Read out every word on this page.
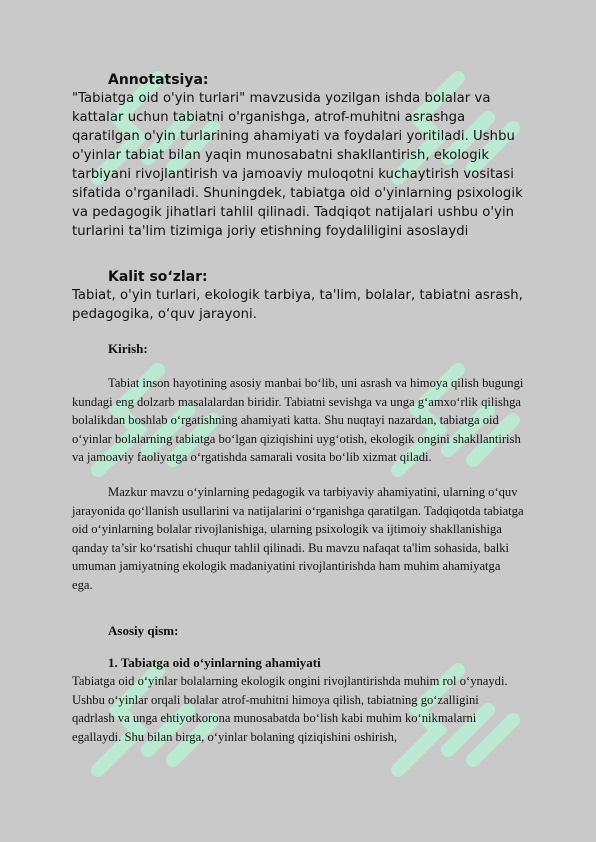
Annotatsiya:

"Tabiatga oid o'yin turlari" mavzusida yozilgan ishda bolalar va kattalar uchun tabiatni o'rganishga, atrof-muhitni asrashga qaratilgan o'yin turlarining ahamiyati va foydalari yoritiladi. Ushbu o'yinlar tabiat bilan yaqin munosabatni shakllantirish, ekologik tarbiyani rivojlantirish va jamoaviy muloqotni kuchaytirish vositasi sifatida o'rganiladi. Shuningdek, tabiatga oid o'yinlarning psixologik va pedagogik jihatlari tahlil qilinadi. Tadqiqot natijalari ushbu o'yin turlarini ta'lim tizimiga joriy etishning foydaliligini asoslaydi

Kalit so‘zlar:

Tabiat, o'yin turlari, ekologik tarbiya, ta'lim, bolalar, tabiatni asrash, pedagogika, o‘quv jarayoni.

Kirish:

Tabiat inson hayotining asosiy manbai bo‘lib, uni asrash va himoya qilish bugungi kundagi eng dolzarb masalalardan biridir. Tabiatni sevishga va unga g‘amxo‘rlik qilishga bolalikdan boshlab o‘rgatishning ahamiyati katta. Shu nuqtayi nazardan, tabiatga oid o‘yinlar bolalarning tabiatga bo‘lgan qiziqishini uyg‘otish, ekologik ongini shakllantirish va jamoaviy faoliyatga o‘rgatishda samarali vosita bo‘lib xizmat qiladi.

Mazkur mavzu o‘yinlarning pedagogik va tarbiyaviy ahamiyatini, ularning o‘quv jarayonida qo‘llanish usullarini va natijalarini o‘rganishga qaratilgan. Tadqiqotda tabiatga oid o‘yinlarning bolalar rivojlanishiga, ularning psixologik va ijtimoiy shakllanishiga qanday ta’sir ko‘rsatishi chuqur tahlil qilinadi. Bu mavzu nafaqat ta'lim sohasida, balki umuman jamiyatning ekologik madaniyatini rivojlantirishda ham muhim ahamiyatga ega.

Asosiy qism:
1. Tabiatga oid o‘yinlarning ahamiyati

Tabiatga oid o‘yinlar bolalarning ekologik ongini rivojlantirishda muhim rol o‘ynaydi. Ushbu o‘yinlar orqali bolalar atrof-muhitni himoya qilish, tabiatning go‘zalligini qadrlash va unga ehtiyotkorona munosabatda bo‘lish kabi muhim ko‘nikmalarni egallaydi. Shu bilan birga, o‘yinlar bolaning qiziqishini oshirish,
